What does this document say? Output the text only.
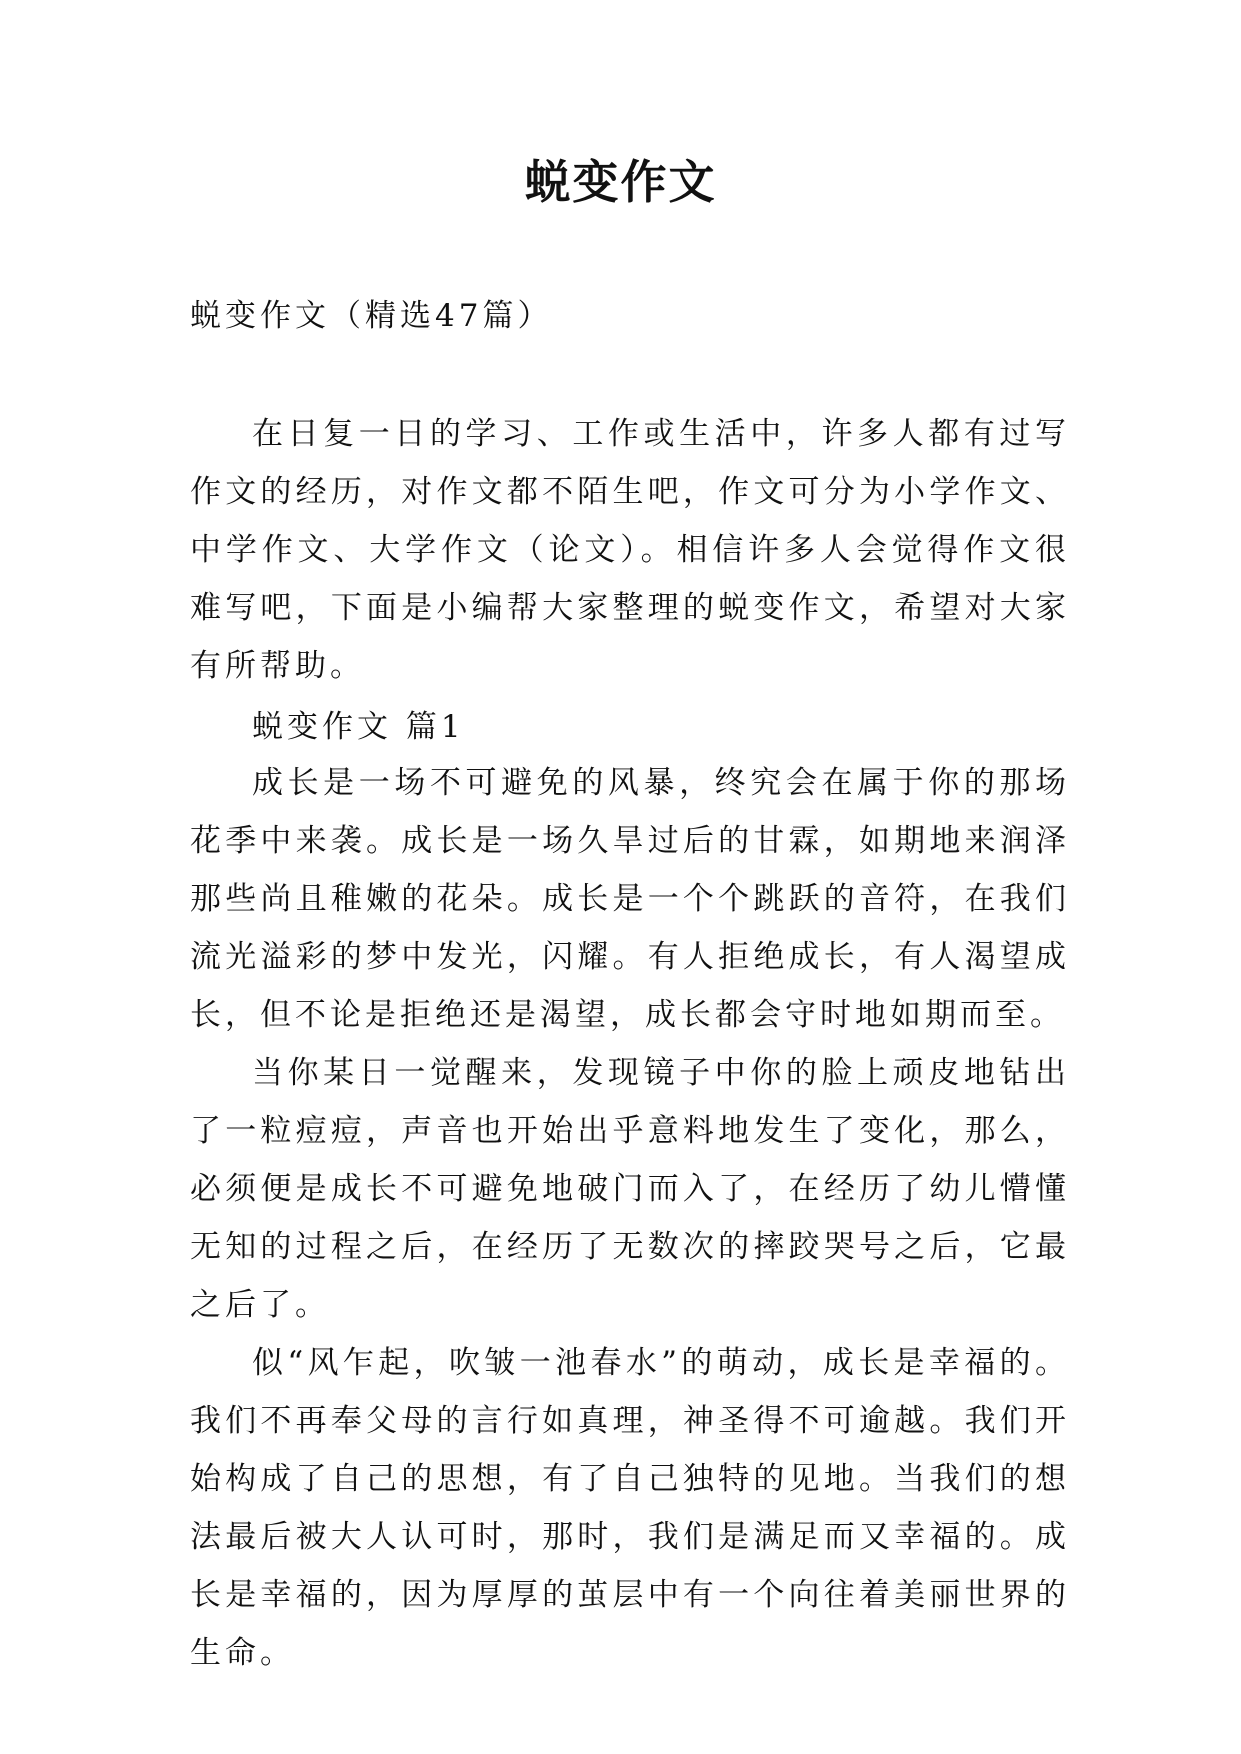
蜕变作文
蜕变作文（精选47篇）

在日复一日的学习、工作或生活中，许多人都有过写作文的经历，对作文都不陌生吧，作文可分为小学作文、中学作文、大学作文（论文）。相信许多人会觉得作文很难写吧，下面是小编帮大家整理的蜕变作文，希望对大家有所帮助。

蜕变作文 篇1

成长是一场不可避免的风暴，终究会在属于你的那场花季中来袭。成长是一场久旱过后的甘霖，如期地来润泽那些尚且稚嫩的花朵。成长是一个个跳跃的音符，在我们流光溢彩的梦中发光，闪耀。有人拒绝成长，有人渴望成长，但不论是拒绝还是渴望，成长都会守时地如期而至。

当你某日一觉醒来，发现镜子中你的脸上顽皮地钻出了一粒痘痘，声音也开始出乎意料地发生了变化，那么，必须便是成长不可避免地破门而入了，在经历了幼儿懵懂无知的过程之后，在经历了无数次的摔跤哭号之后，它最之后了。

似“风乍起，吹皱一池春水”的萌动，成长是幸福的。我们不再奉父母的言行如真理，神圣得不可逾越。我们开始构成了自己的思想，有了自己独特的见地。当我们的想法最后被大人认可时，那时，我们是满足而又幸福的。成长是幸福的，因为厚厚的茧层中有一个向往着美丽世界的生命。
